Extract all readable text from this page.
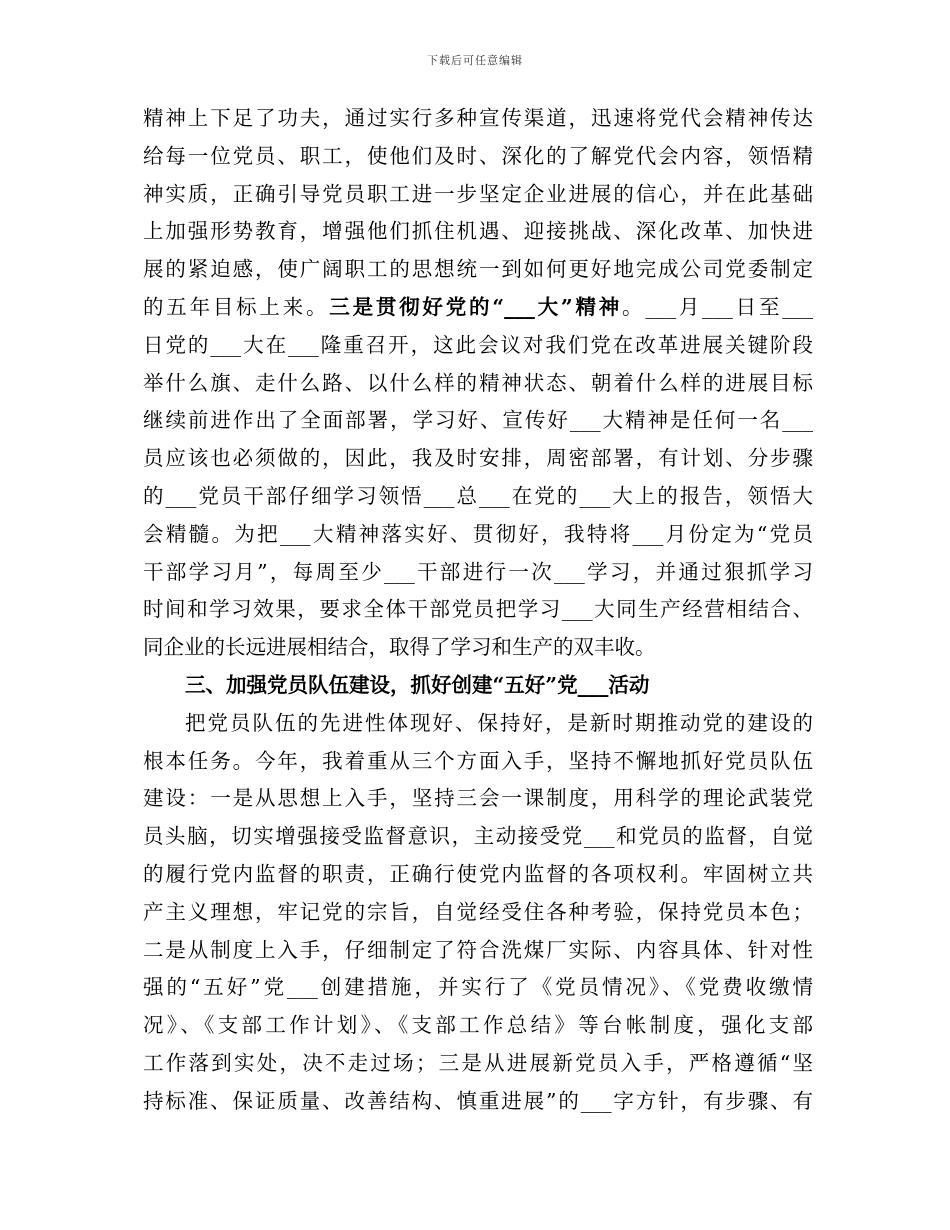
下载后可任意编辑
精神上下足了功夫，通过实行多种宣传渠道，迅速将党代会精神传达
给每一位党员、职工，使他们及时、深化的了解党代会内容，领悟精
神实质，正确引导党员职工进一步坚定企业进展的信心，并在此基础
上加强形势教育，增强他们抓住机遇、迎接挑战、深化改革、加快进
展的紧迫感，使广阔职工的思想统一到如何更好地完成公司党委制定
的五年目标上来。三是贯彻好党的“___大”精神。___月___日至___
日党的___大在___隆重召开，这此会议对我们党在改革进展关键阶段
举什么旗、走什么路、以什么样的精神状态、朝着什么样的进展目标
继续前进作出了全面部署，学习好、宣传好___大精神是任何一名___
员应该也必须做的，因此，我及时安排，周密部署，有计划、分步骤
的___党员干部仔细学习领悟___总___在党的___大上的报告，领悟大
会精髓。为把___大精神落实好、贯彻好，我特将___月份定为“党员
干部学习月”，每周至少___干部进行一次___学习，并通过狠抓学习
时间和学习效果，要求全体干部党员把学习___大同生产经营相结合、
同企业的长远进展相结合，取得了学习和生产的双丰收。
三、加强党员队伍建设，抓好创建“五好”党___活动
把党员队伍的先进性体现好、保持好，是新时期推动党的建设的
根本任务。今年，我着重从三个方面入手，坚持不懈地抓好党员队伍
建设：一是从思想上入手，坚持三会一课制度，用科学的理论武装党
员头脑，切实增强接受监督意识，主动接受党___和党员的监督，自觉
的履行党内监督的职责，正确行使党内监督的各项权利。牢固树立共
产主义理想，牢记党的宗旨，自觉经受住各种考验，保持党员本色；
二是从制度上入手，仔细制定了符合洗煤厂实际、内容具体、针对性
强的“五好”党___创建措施，并实行了《党员情况》、《党费收缴情
况》、《支部工作计划》、《支部工作总结》等台帐制度，强化支部
工作落到实处，决不走过场；三是从进展新党员入手，严格遵循“坚
持标准、保证质量、改善结构、慎重进展”的___字方针，有步骤、有
